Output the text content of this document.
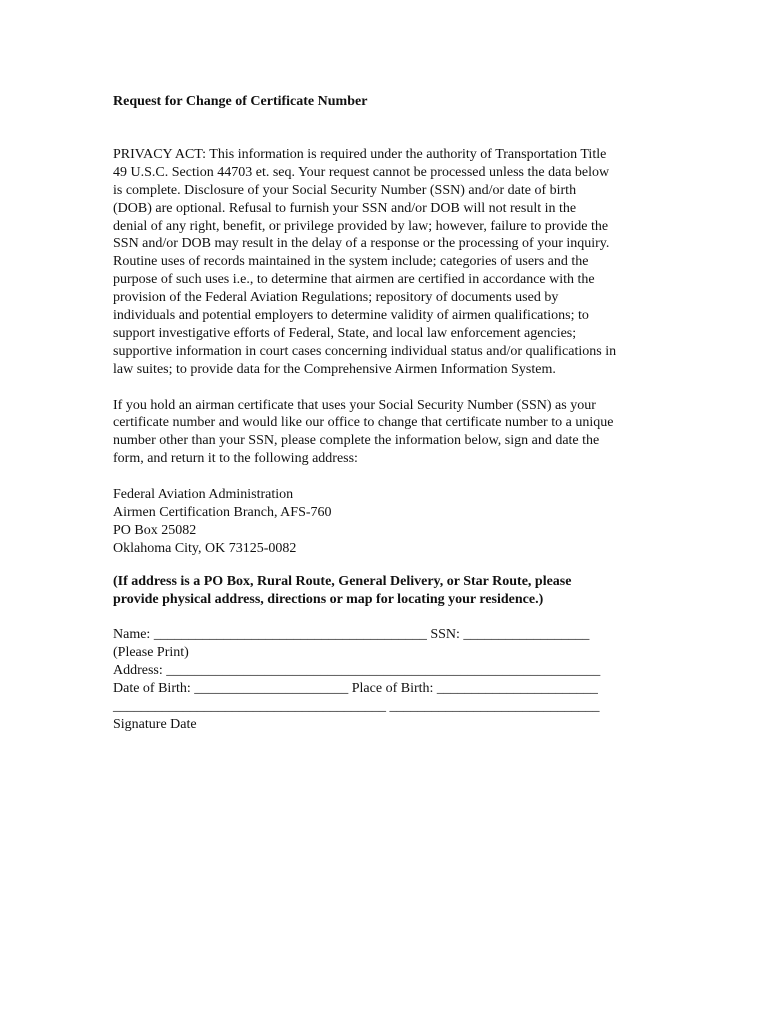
Request for Change of Certificate Number
PRIVACY ACT: This information is required under the authority of Transportation Title
49 U.S.C. Section 44703 et. seq. Your request cannot be processed unless the data below
is complete. Disclosure of your Social Security Number (SSN) and/or date of birth
(DOB) are optional. Refusal to furnish your SSN and/or DOB will not result in the
denial of any right, benefit, or privilege provided by law; however, failure to provide the
SSN and/or DOB may result in the delay of a response or the processing of your inquiry.
Routine uses of records maintained in the system include; categories of users and the
purpose of such uses i.e., to determine that airmen are certified in accordance with the
provision of the Federal Aviation Regulations; repository of documents used by
individuals and potential employers to determine validity of airmen qualifications; to
support investigative efforts of Federal, State, and local law enforcement agencies;
supportive information in court cases concerning individual status and/or qualifications in
law suites; to provide data for the Comprehensive Airmen Information System.
If you hold an airman certificate that uses your Social Security Number (SSN) as your
certificate number and would like our office to change that certificate number to a unique
number other than your SSN, please complete the information below, sign and date the
form, and return it to the following address:
Federal Aviation Administration
Airmen Certification Branch, AFS-760
PO Box 25082
Oklahoma City, OK 73125-0082
(If address is a PO Box, Rural Route, General Delivery, or Star Route, please
provide physical address, directions or map for locating your residence.)
Name: _______________________________________ SSN: __________________
(Please Print)
Address: ______________________________________________________________
Date of Birth: ______________________ Place of Birth: _______________________
_______________________________________ ______________________________
Signature Date
